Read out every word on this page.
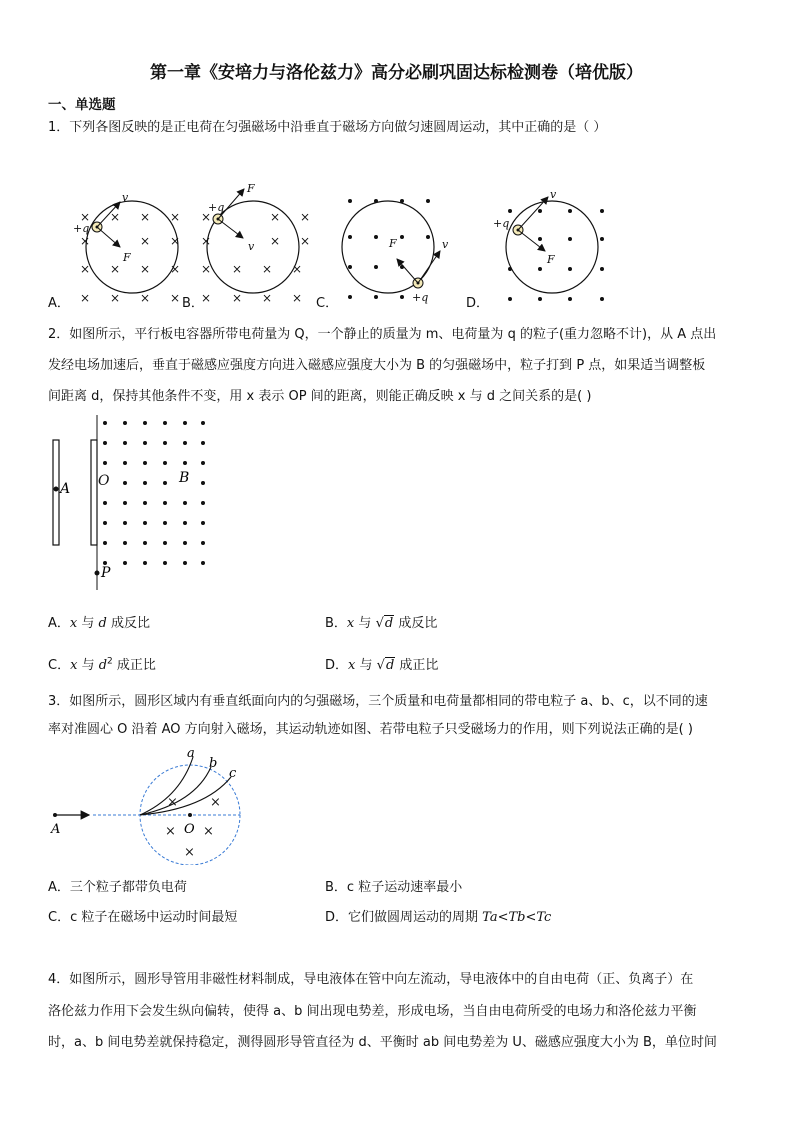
第一章《安培力与洛伦兹力》高分必刷巩固达标检测卷（培优版）
一、单选题
1．下列各图反映的是正电荷在匀强磁场中沿垂直于磁场方向做匀速圆周运动，其中正确的是（ ）
× × × ×
×	× ×
× × × ×
× × × ×
+q
v
F
×	× ×
×	× ×
× × × ×
× × × ×
+q
F
v	F	v
+q
+q
v
F
A．	B．	C．	D．
2．如图所示，平行板电容器所带电荷量为 Q，一个静止的质量为 m、电荷量为 q 的粒子(重力忽略不计)，从 A 点出
发经电场加速后，垂直于磁感应强度方向进入磁感应强度大小为 B 的匀强磁场中，粒子打到 P 点，如果适当调整板
间距离 d，保持其他条件不变，用 x 表示 OP 间的距离，则能正确反映 x 与 d 之间关系的是( )
A O	B
P
A．x 与 d 成反比	B．x 与 √d 成反比
C．x 与 $d^2$ 成正比	D．x 与 √d 成正比
3．如图所示，圆形区域内有垂直纸面向内的匀强磁场，三个质量和电荷量都相同的带电粒子 a、b、c，以不同的速
率对准圆心 O 沿着 AO 方向射入磁场，其运动轨迹如图、若带电粒子只受磁场力的作用，则下列说法正确的是( )
× ×
× ×
×
a
b
c
A	O
A．三个粒子都带负电荷	B．c 粒子运动速率最小
C．c 粒子在磁场中运动时间最短	D．它们做圆周运动的周期 Ta<Tb<Tc
4．如图所示，圆形导管用非磁性材料制成，导电液体在管中向左流动，导电液体中的自由电荷（正、负离子）在
洛伦兹力作用下会发生纵向偏转，使得 a、b 间出现电势差，形成电场，当自由电荷所受的电场力和洛伦兹力平衡
时，a、b 间电势差就保持稳定，测得圆形导管直径为 d、平衡时 ab 间电势差为 U、磁感应强度大小为 B，单位时间
